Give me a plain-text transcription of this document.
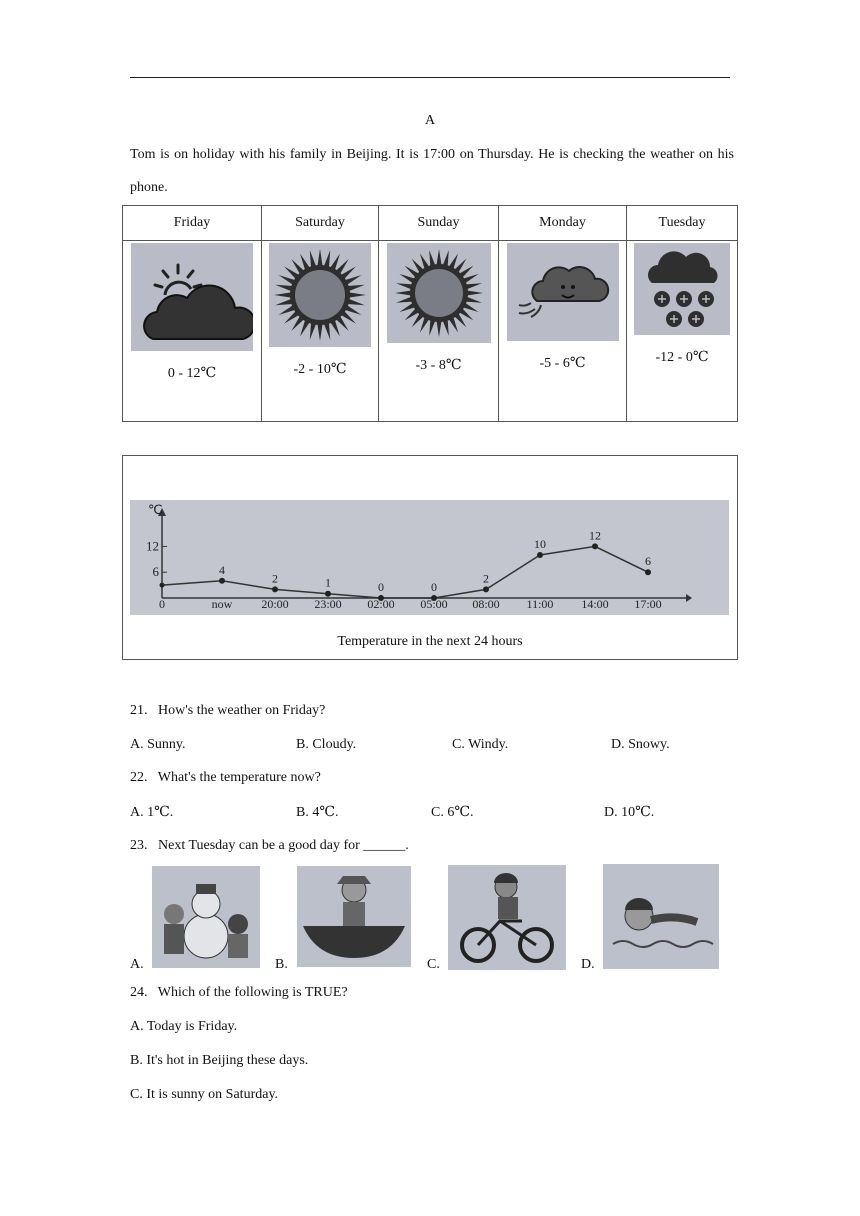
A
Tom is on holiday with his family in Beijing. It is 17:00 on Thursday. He is checking the weather on his phone.
Friday	Saturday	Sunday	Monday	Tuesday

0 - 12℃	-2 - 10℃	-3 - 8℃	-5 - 6℃	-12 - 0℃
℃
6
12
0
4
now
2
20:00
1
23:00
0
02:00
0
05:00
2
08:00
10
11:00
12
14:00
6
17:00
Temperature in the next 24 hours
21. How's the weather on Friday?
A. Sunny.	B. Cloudy.	C. Windy.	D. Snowy.
22. What's the temperature now?
A. 1℃.	B. 4℃.	C. 6℃.	D. 10℃.
23. Next Tuesday can be a good day for ______.
A.	B.	C.	D.
24. Which of the following is TRUE?
A. Today is Friday.
B. It's hot in Beijing these days.
C. It is sunny on Saturday.
